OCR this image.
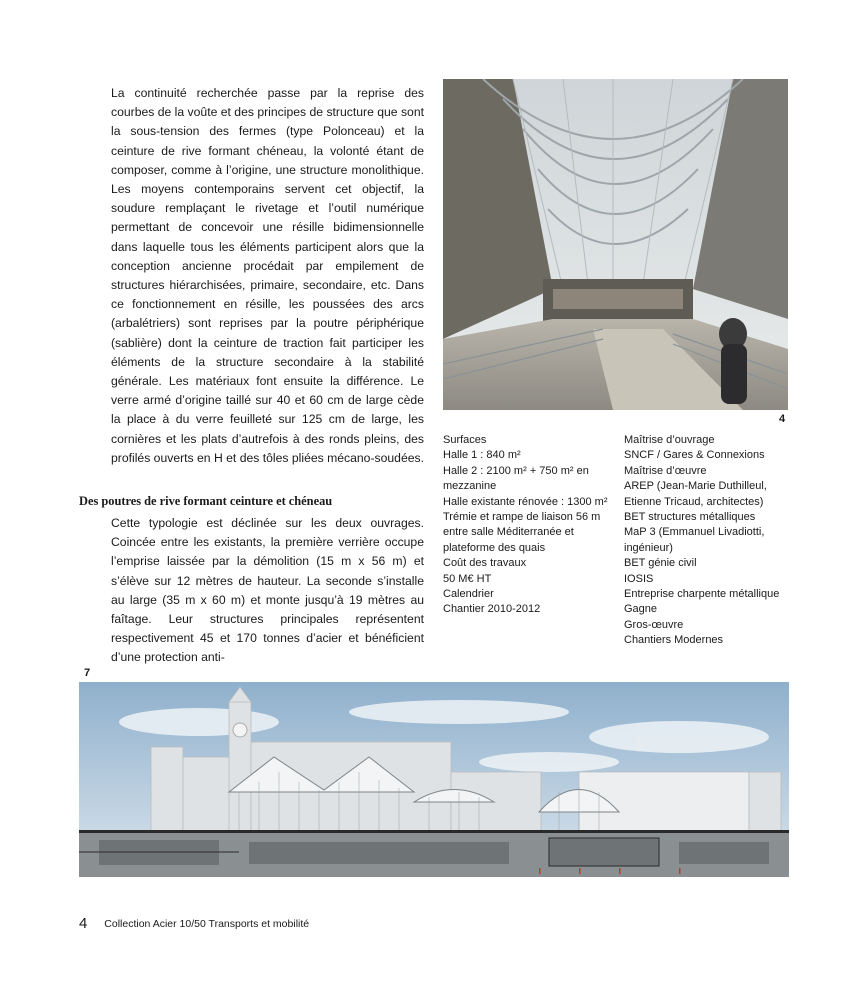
La continuité recherchée passe par la reprise des courbes de la voûte et des principes de structure que sont la sous-tension des fermes (type Polonceau) et la ceinture de rive formant chéneau, la volonté étant de composer, comme à l’origine, une structure monolithique. Les moyens contemporains servent cet objectif, la soudure remplaçant le rivetage et l’outil numérique permettant de concevoir une résille bidimensionnelle dans laquelle tous les éléments participent alors que la conception ancienne procédait par empilement de structures hiérarchisées, primaire, secondaire, etc. Dans ce fonctionnement en résille, les poussées des arcs (arbalétriers) sont reprises par la poutre périphérique (sablière) dont la ceinture de traction fait participer les éléments de la structure secondaire à la stabilité générale. Les matériaux font ensuite la différence. Le verre armé d’origine taillé sur 40 et 60 cm de large cède la place à du verre feuilleté sur 125 cm de large, les cornières et les plats d’autrefois à des ronds pleins, des profilés ouverts en H et des tôles pliées mécano-soudées.

Des poutres de rive formant ceinture et chéneau

Cette typologie est déclinée sur les deux ouvrages. Coincée entre les existants, la première verrière occupe l’emprise laissée par la démolition (15 m x 56 m) et s’élève sur 12 mètres de hauteur. La seconde s’installe au large (35 m x 60 m) et monte jusqu’à 19 mètres au faîtage. Leur structures principales représentent respectivement 45 et 170 tonnes d’acier et bénéficient d’une protection anti-

4
Surfaces
Halle 1 : 840 m²
Halle 2 : 2100 m² + 750 m² en mezzanine
Halle existante rénovée : 1300 m²
Trémie et rampe de liaison 56 m entre salle Méditerranée et plateforme des quais
Coût des travaux
50 M€ HT
Calendrier
Chantier 2010-2012
Maîtrise d’ouvrage
SNCF / Gares & Connexions
Maîtrise d’œuvre
AREP (Jean-Marie Duthilleul, Etienne Tricaud, architectes)
BET structures métalliques
MaP 3 (Emmanuel Livadiotti, ingénieur)
BET génie civil
IOSIS
Entreprise charpente métallique
Gagne
Gros-œuvre
Chantiers Modernes
7
4 Collection Acier 10/50 Transports et mobilité
